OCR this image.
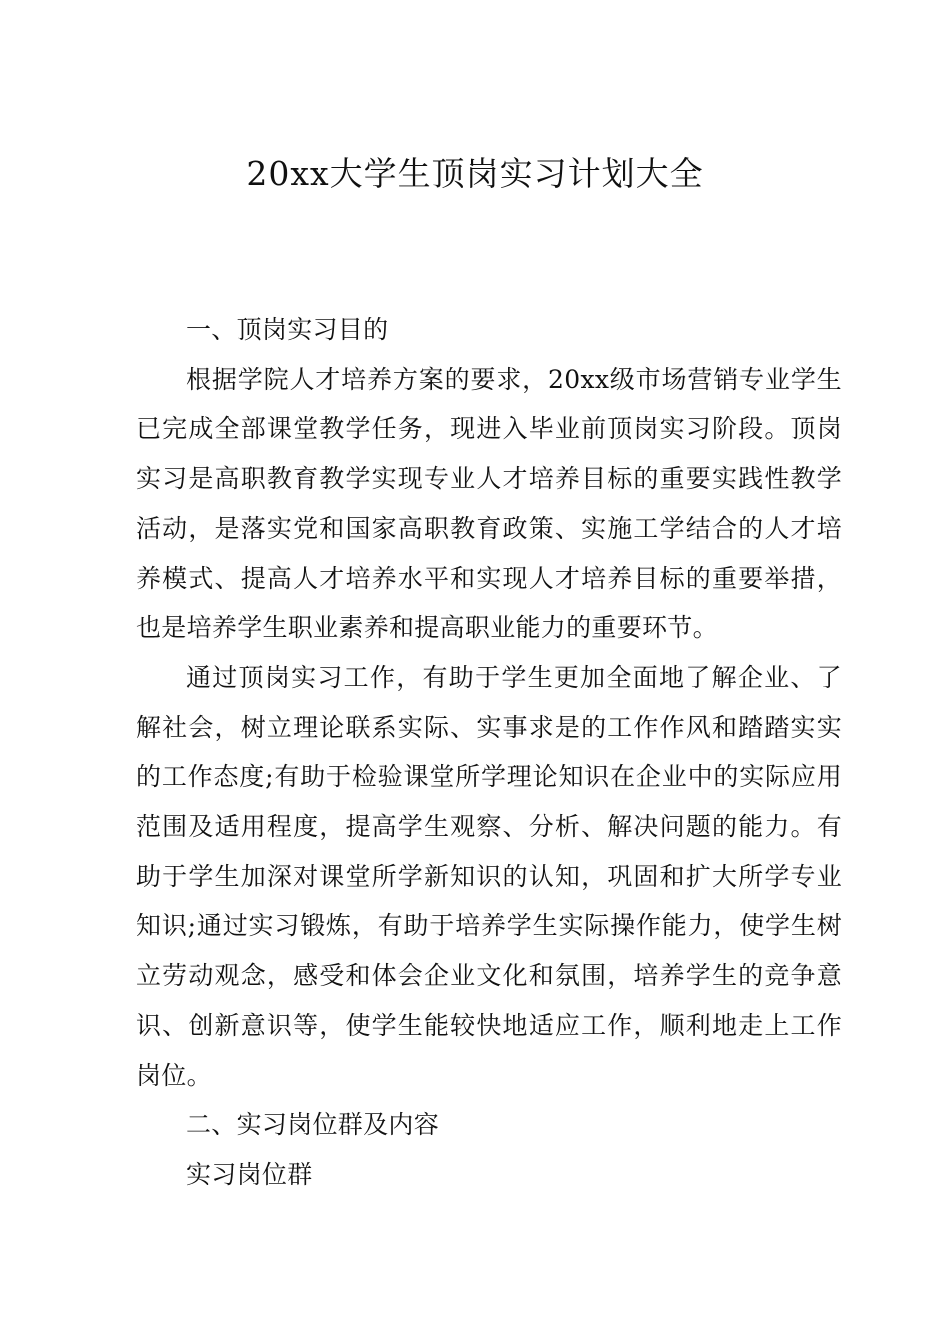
20xx大学生顶岗实习计划大全

一、顶岗实习目的

根据学院人才培养方案的要求，20xx级市场营销专业学生已完成全部课堂教学任务，现进入毕业前顶岗实习阶段。顶岗实习是高职教育教学实现专业人才培养目标的重要实践性教学活动，是落实党和国家高职教育政策、实施工学结合的人才培养模式、提高人才培养水平和实现人才培养目标的重要举措，也是培养学生职业素养和提高职业能力的重要环节。

通过顶岗实习工作，有助于学生更加全面地了解企业、了解社会，树立理论联系实际、实事求是的工作作风和踏踏实实的工作态度;有助于检验课堂所学理论知识在企业中的实际应用范围及适用程度，提高学生观察、分析、解决问题的能力。有助于学生加深对课堂所学新知识的认知，巩固和扩大所学专业知识;通过实习锻炼，有助于培养学生实际操作能力，使学生树立劳动观念，感受和体会企业文化和氛围，培养学生的竞争意识、创新意识等，使学生能较快地适应工作，顺利地走上工作岗位。

二、实习岗位群及内容

实习岗位群
